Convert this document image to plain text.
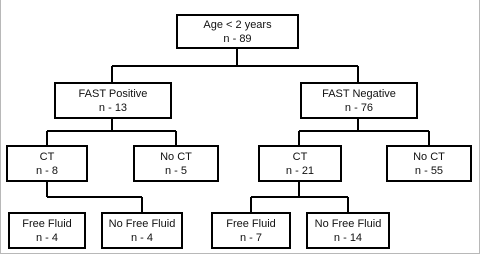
Age < 2 years
n - 89
FAST Positive
n - 13
FAST Negative
n - 76
CT
n - 8
No CT
n - 5
CT
n - 21
No CT
n - 55
Free Fluid
n - 4
No Free Fluid
n - 4
Free Fluid
n - 7
No Free Fluid
n - 14
